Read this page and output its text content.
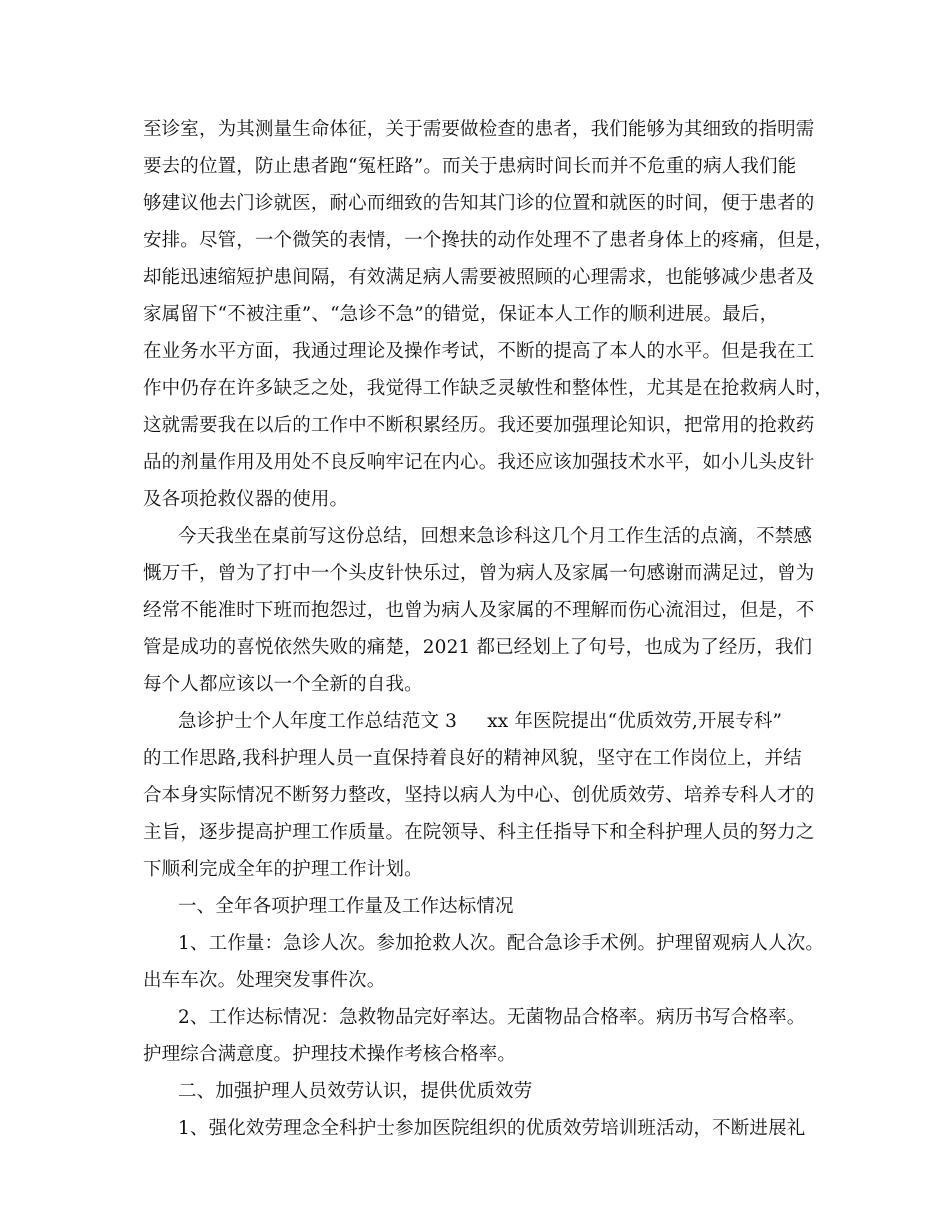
至诊室，为其测量生命体征，关于需要做检查的患者，我们能够为其细致的指明需
要去的位置，防止患者跑“冤枉路”。而关于患病时间长而并不危重的病人我们能
够建议他去门诊就医，耐心而细致的告知其门诊的位置和就医的时间，便于患者的
安排。尽管，一个微笑的表情，一个搀扶的动作处理不了患者身体上的疼痛，但是，
却能迅速缩短护患间隔，有效满足病人需要被照顾的心理需求，也能够减少患者及
家属留下“不被注重”、“急诊不急”的错觉，保证本人工作的顺利进展。最后，
在业务水平方面，我通过理论及操作考试，不断的提高了本人的水平。但是我在工
作中仍存在许多缺乏之处，我觉得工作缺乏灵敏性和整体性，尤其是在抢救病人时，
这就需要我在以后的工作中不断积累经历。我还要加强理论知识，把常用的抢救药
品的剂量作用及用处不良反响牢记在内心。我还应该加强技术水平，如小儿头皮针
及各项抢救仪器的使用。
今天我坐在桌前写这份总结，回想来急诊科这几个月工作生活的点滴，不禁感
慨万千，曾为了打中一个头皮针快乐过，曾为病人及家属一句感谢而满足过，曾为
经常不能准时下班而抱怨过，也曾为病人及家属的不理解而伤心流泪过，但是，不
管是成功的喜悦依然失败的痛楚，2021 都已经划上了句号，也成为了经历，我们
每个人都应该以一个全新的自我。
急诊护士个人年度工作总结范文 3     xx 年医院提出“优质效劳,开展专科”
的工作思路,我科护理人员一直保持着良好的精神风貌，坚守在工作岗位上，并结
合本身实际情况不断努力整改，坚持以病人为中心、创优质效劳、培养专科人才的
主旨，逐步提高护理工作质量。在院领导、科主任指导下和全科护理人员的努力之
下顺利完成全年的护理工作计划。
一、全年各项护理工作量及工作达标情况
1、工作量：急诊人次。参加抢救人次。配合急诊手术例。护理留观病人人次。
出车车次。处理突发事件次。
2、工作达标情况：急救物品完好率达。无菌物品合格率。病历书写合格率。
护理综合满意度。护理技术操作考核合格率。
二、加强护理人员效劳认识，提供优质效劳
1、强化效劳理念全科护士参加医院组织的优质效劳培训班活动，不断进展礼
